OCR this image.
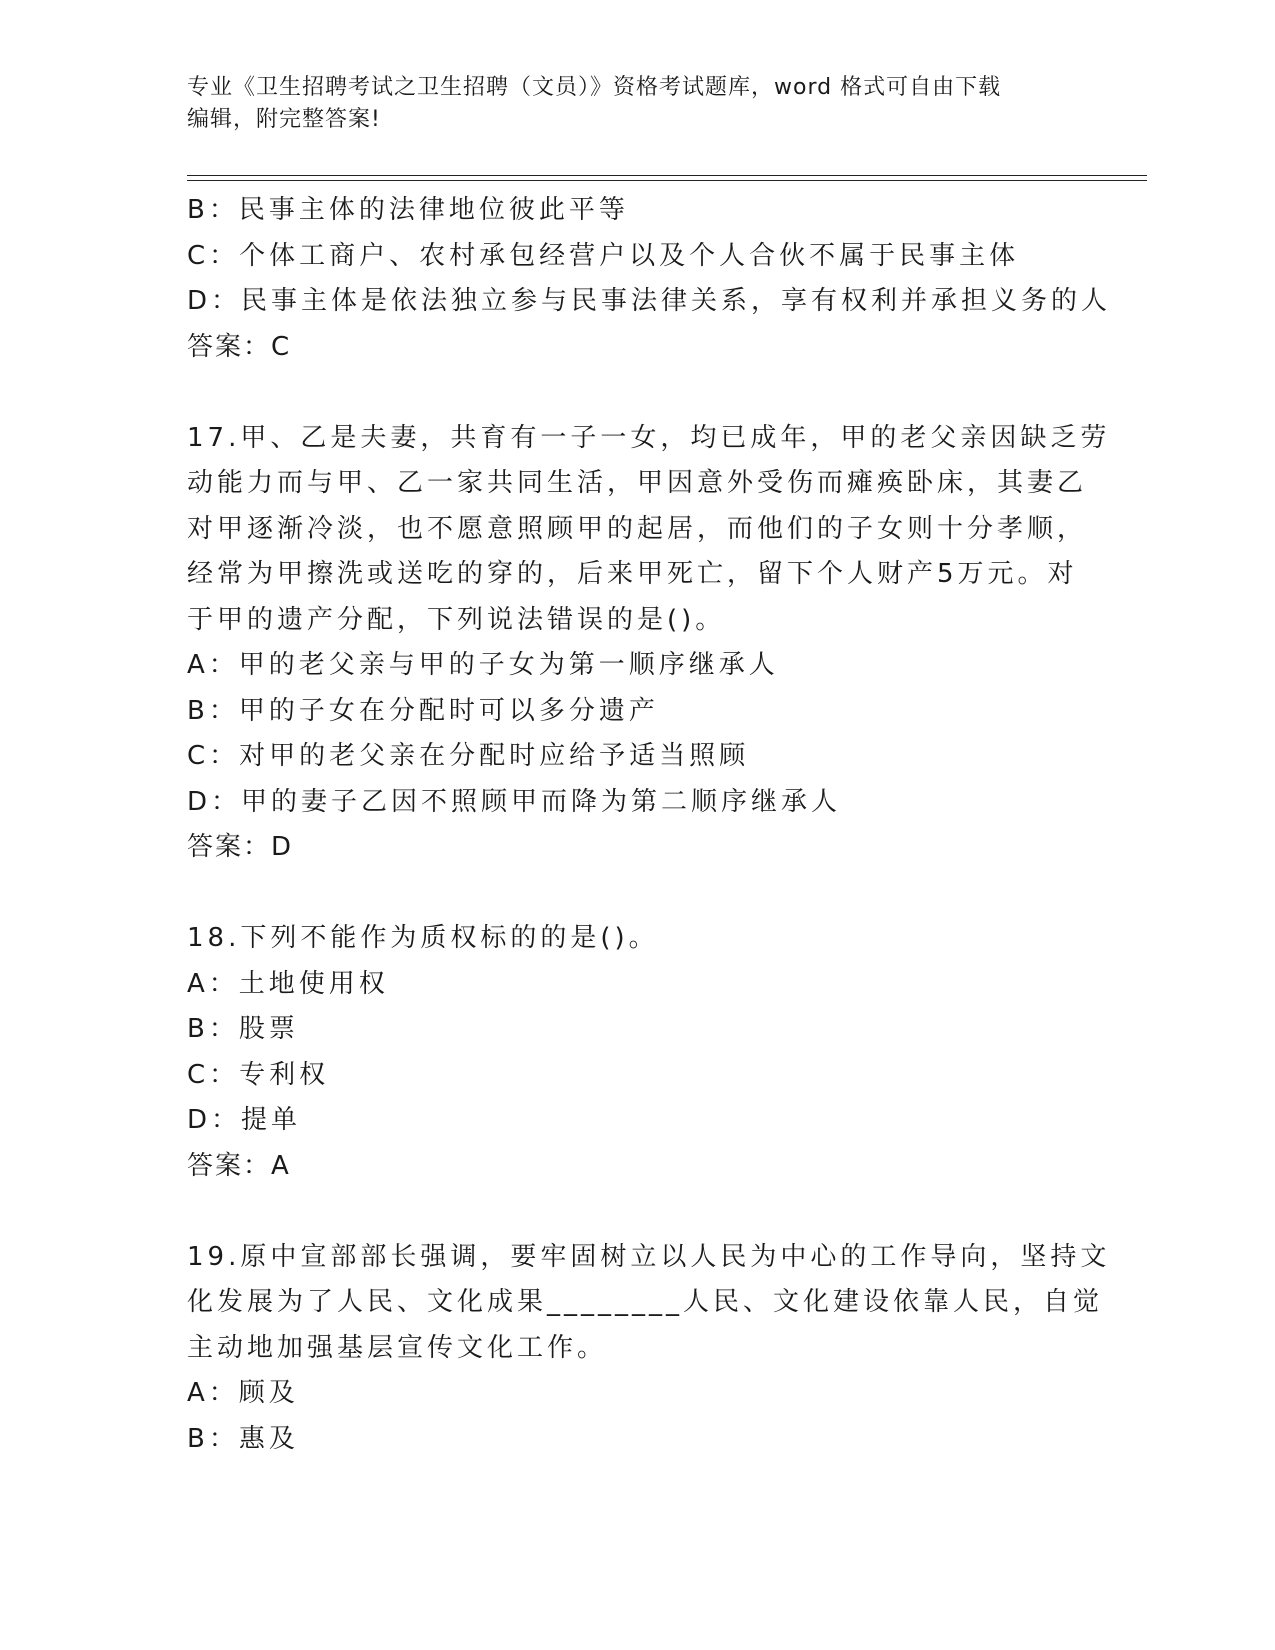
专业《卫生招聘考试之卫生招聘（文员）》资格考试题库，word 格式可自由下载
编辑，附完整答案!
B：民事主体的法律地位彼此平等
C：个体工商户、农村承包经营户以及个人合伙不属于民事主体
D：民事主体是依法独立参与民事法律关系，享有权利并承担义务的人
答案：C
17.甲、乙是夫妻，共育有一子一女，均已成年，甲的老父亲因缺乏劳
动能力而与甲、乙一家共同生活，甲因意外受伤而瘫痪卧床，其妻乙
对甲逐渐冷淡，也不愿意照顾甲的起居，而他们的子女则十分孝顺，
经常为甲擦洗或送吃的穿的，后来甲死亡，留下个人财产5万元。对
于甲的遗产分配，下列说法错误的是()。
A：甲的老父亲与甲的子女为第一顺序继承人
B：甲的子女在分配时可以多分遗产
C：对甲的老父亲在分配时应给予适当照顾
D：甲的妻子乙因不照顾甲而降为第二顺序继承人
答案：D
18.下列不能作为质权标的的是()。
A：土地使用权
B：股票
C：专利权
D：提单
答案：A
19.原中宣部部长强调，要牢固树立以人民为中心的工作导向，坚持文
化发展为了人民、文化成果________人民、文化建设依靠人民，自觉
主动地加强基层宣传文化工作。
A：顾及
B：惠及
